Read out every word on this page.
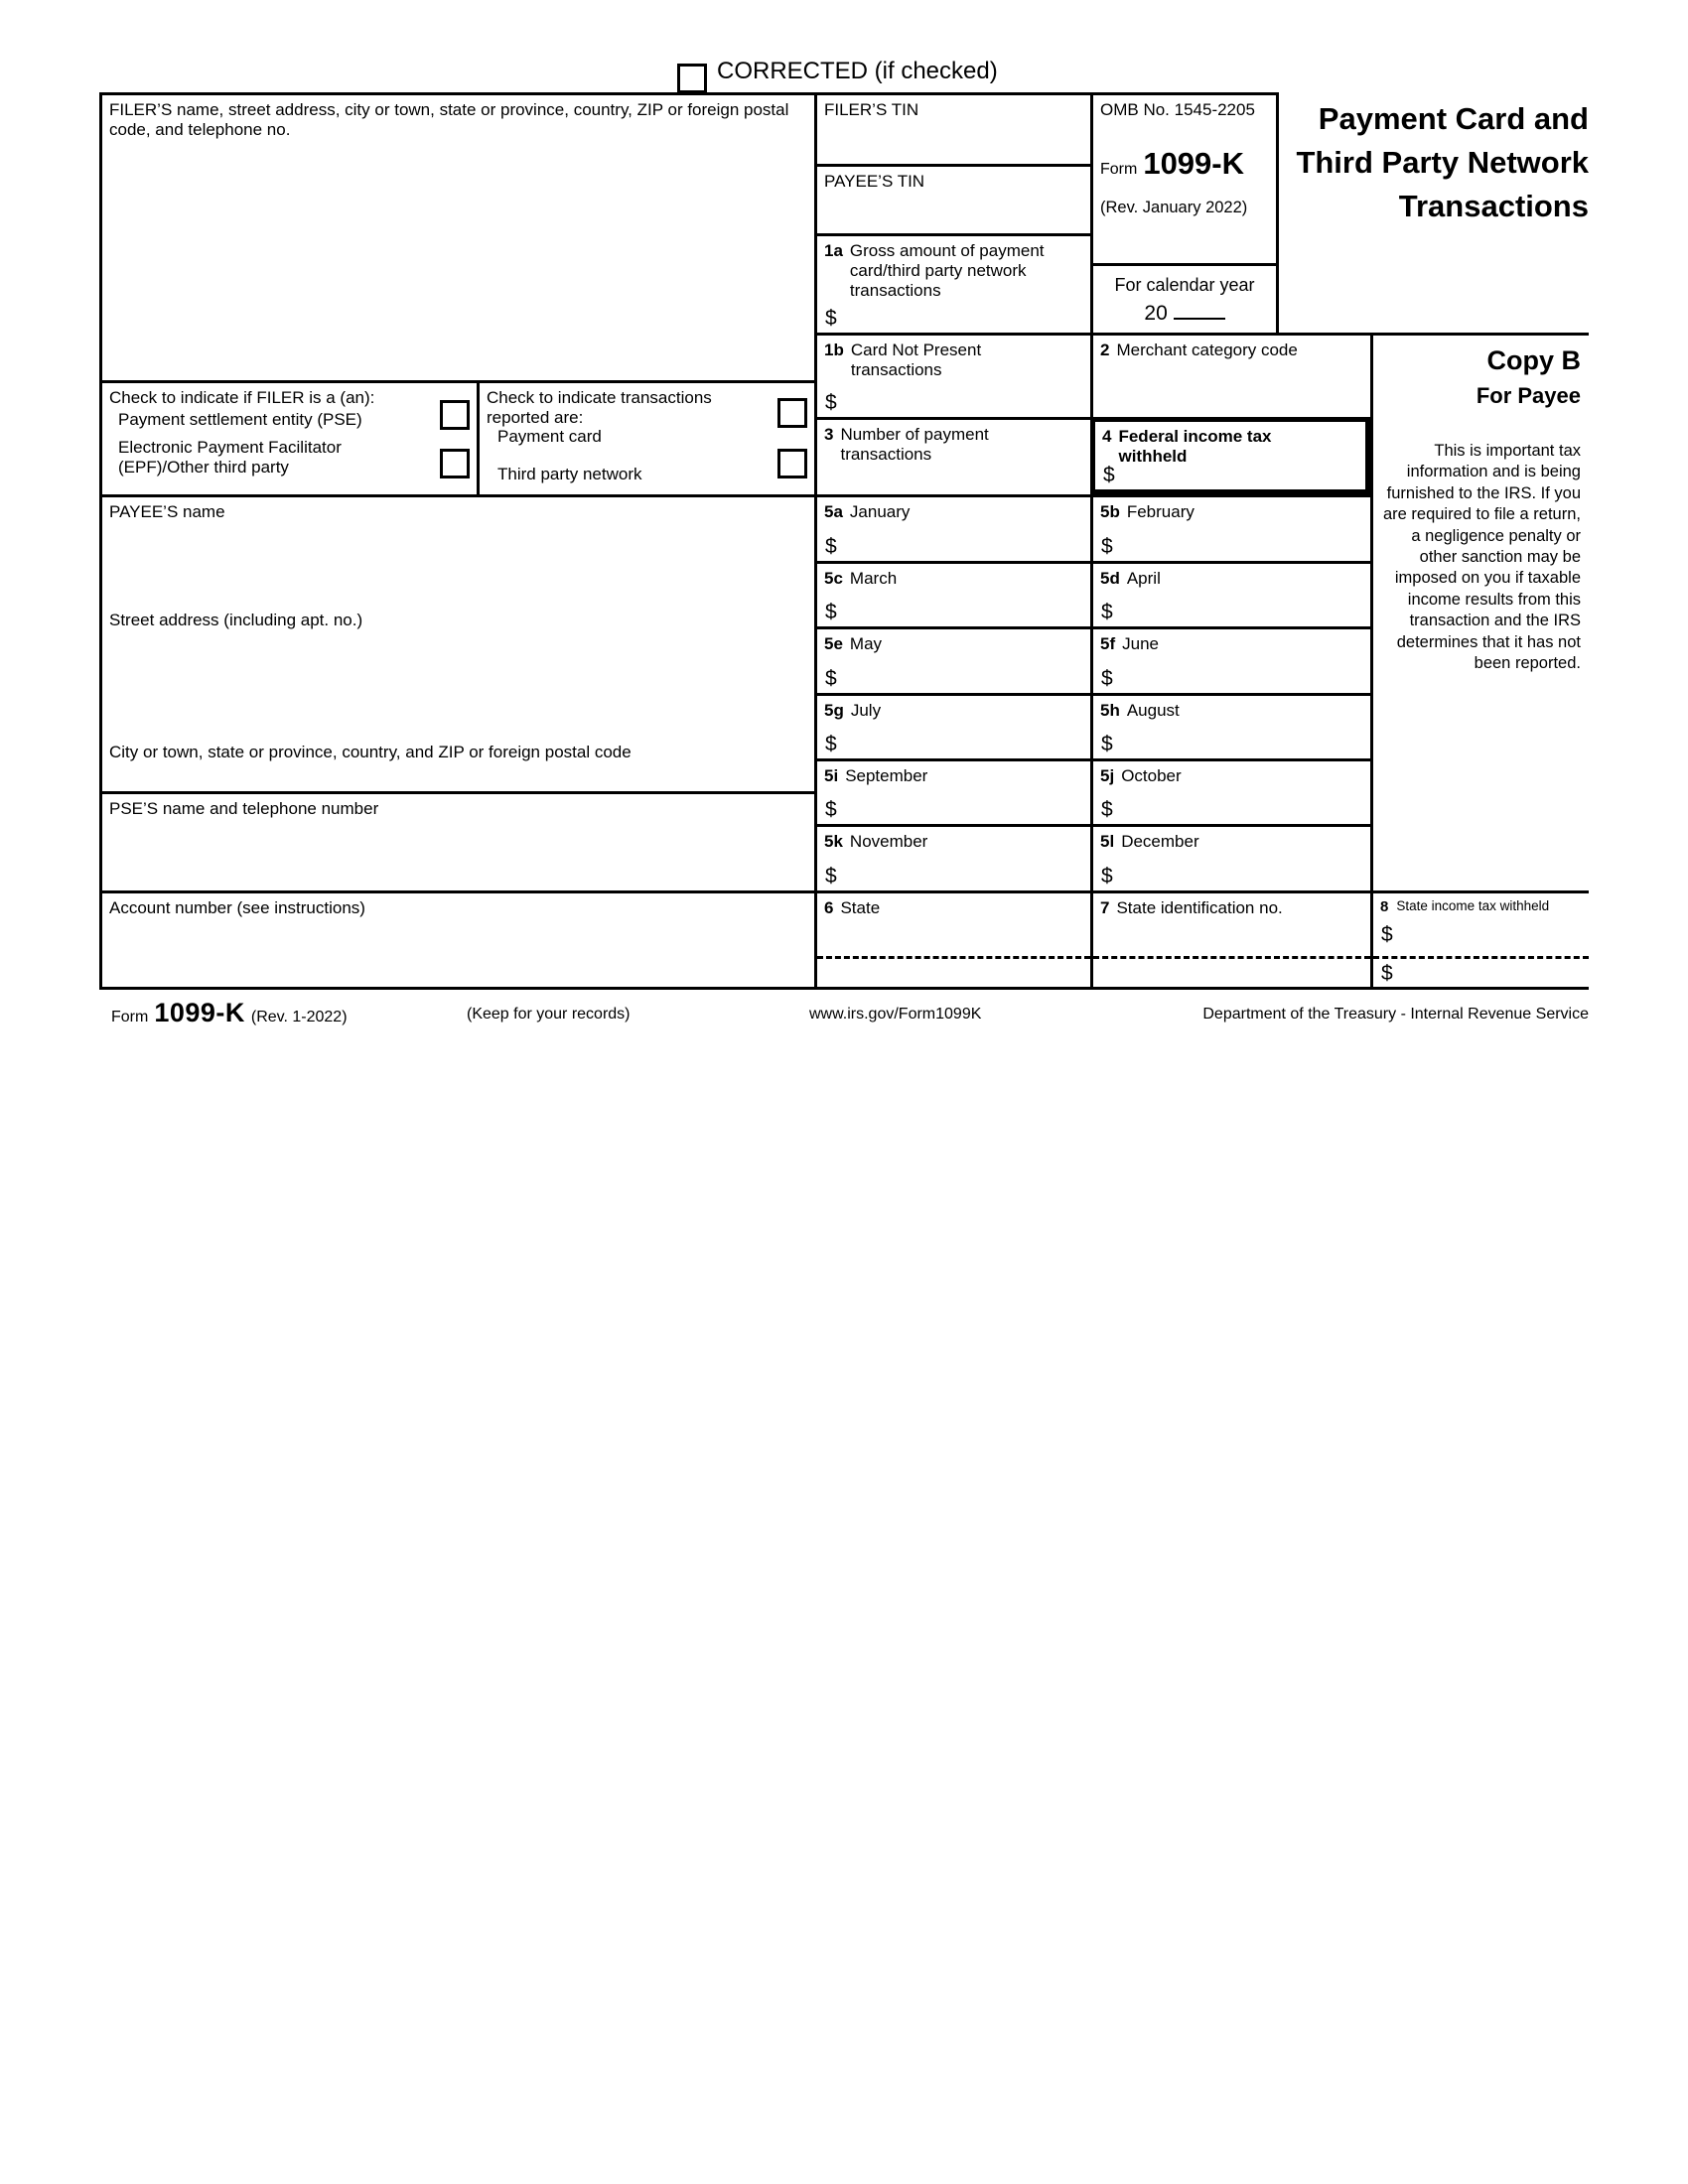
CORRECTED (if checked)
FILER’S name, street address, city or town, state or province, country, ZIP or foreign postal code, and telephone no.
Check to indicate if FILER is a (an):
Payment settlement entity (PSE)
Electronic Payment Facilitator (EPF)/Other third party
Check to indicate transactions reported are:
Payment card
Third party network
PAYEE’S name
Street address (including apt. no.)
City or town, state or province, country, and ZIP or foreign postal code
PSE’S name and telephone number
Account number (see instructions)
FILER’S TIN
PAYEE’S TIN
1a Gross amount of payment card/third party network transactions
$
1b Card Not Present transactions
$
3 Number of payment transactions
OMB No. 1545-2205
Form 1099-K
(Rev. January 2022)
For calendar year
20
2 Merchant category code
4 Federal income tax withheld
$
Payment Card and Third Party Network Transactions
5a January
$
5b February
$
5c March
$
5d April
$
5e May
$
5f June
$
5g July
$
5h August
$
5i September
$
5j October
$
5k November
$
5l December
$
6 State	7 State identification no.
Copy B
For Payee
This is important tax information and is being furnished to the IRS. If you are required to file a return, a negligence penalty or other sanction may be imposed on you if taxable income results from this transaction and the IRS determines that it has not been reported.
8 State income tax withheld
$
$
Form 1099-K (Rev. 1-2022)	(Keep for your records)	www.irs.gov/Form1099K	Department of the Treasury - Internal Revenue Service
